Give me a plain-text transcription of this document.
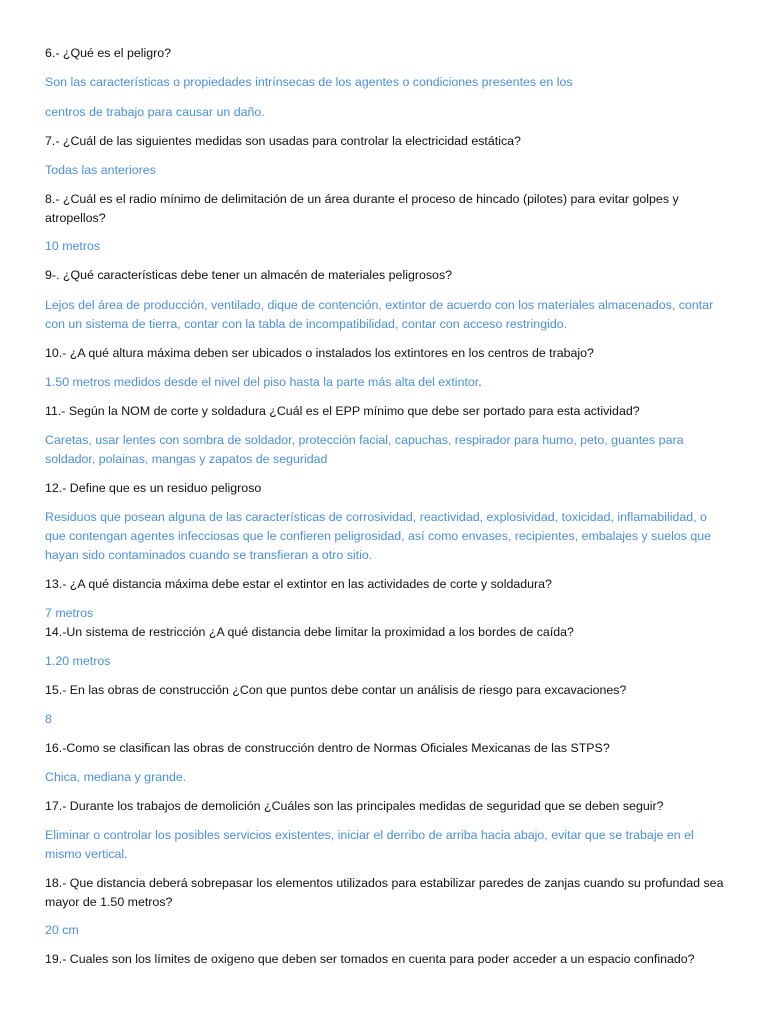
6.- ¿Qué es el peligro?
Son las características o propiedades intrínsecas de los agentes o condiciones presentes en los
centros de trabajo para causar un daño.
7.- ¿Cuál de las siguientes medidas son usadas para controlar la electricidad estática?
Todas las anteriores
8.- ¿Cuál es el radio mínimo de delimitación de un área durante el proceso de hincado (pilotes) para evitar golpes y atropellos?
10 metros
9-. ¿Qué características debe tener un almacén de materiales peligrosos?
Lejos del área de producción, ventilado, dique de contención, extintor de acuerdo con los materiales almacenados, contar con un sistema de tierra, contar con la tabla de incompatibilidad, contar con acceso restringido.
10.- ¿A qué altura máxima deben ser ubicados o instalados los extintores en los centros de trabajo?
1.50 metros medidos desde el nivel del piso hasta la parte más alta del extintor.
11.- Según la NOM de corte y soldadura ¿Cuál es el EPP mínimo que debe ser portado para esta actividad?
Caretas, usar lentes con sombra de soldador, protección facial, capuchas, respirador para humo, peto, guantes para soldador, polainas, mangas y zapatos de seguridad
12.- Define que es un residuo peligroso
Residuos que posean alguna de las características de corrosividad, reactividad, explosividad, toxicidad, inflamabilidad, o que contengan agentes infecciosas que le confieren peligrosidad, así como envases, recipientes, embalajes y suelos que hayan sido contaminados cuando se transfieran a otro sitio.
13.- ¿A qué distancia máxima debe estar el extintor en las actividades de corte y soldadura?
7 metros
14.-Un sistema de restricción ¿A qué distancia debe limitar la proximidad a los bordes de caída?
1.20 metros
15.- En las obras de construcción ¿Con que puntos debe contar un análisis de riesgo para excavaciones?
8
16.-Como se clasifican las obras de construcción dentro de Normas Oficiales Mexicanas de las STPS?
Chica, mediana y grande.
17.- Durante los trabajos de demolición ¿Cuáles son las principales medidas de seguridad que se deben seguir?
Eliminar o controlar los posibles servicios existentes, iniciar el derribo de arriba hacia abajo, evitar que se trabaje en el mismo vertical.
18.- Que distancia deberá sobrepasar los elementos utilizados para estabilizar paredes de zanjas cuando su profundad sea mayor de 1.50 metros?
20 cm
19.- Cuales son los límites de oxigeno que deben ser tomados en cuenta para poder acceder a un espacio confinado?
